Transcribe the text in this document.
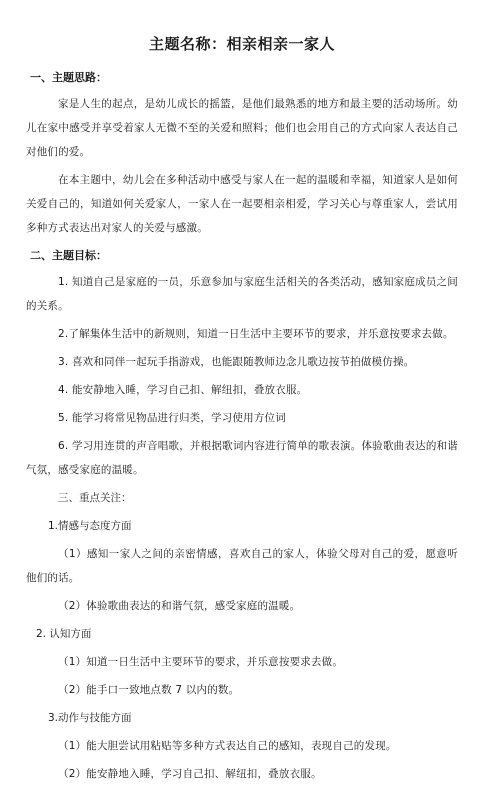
主题名称：相亲相亲一家人
一、主题思路：

家是人生的起点，是幼儿成长的摇篮，是他们最熟悉的地方和最主要的活动场所。幼儿在家中感受并享受着家人无微不至的关爱和照料；他们也会用自己的方式向家人表达自己对他们的爱。

在本主题中，幼儿会在多种活动中感受与家人在一起的温暖和幸福，知道家人是如何关爱自己的，知道如何关爱家人，一家人在一起要相亲相爱，学习关心与尊重家人，尝试用多种方式表达出对家人的关爱与感激。

二、主题目标：

1. 知道自己是家庭的一员，乐意参加与家庭生活相关的各类活动，感知家庭成员之间的关系。

2.了解集体生活中的新规则，知道一日生活中主要环节的要求，并乐意按要求去做。

3. 喜欢和同伴一起玩手指游戏，也能跟随教师边念儿歌边按节拍做模仿操。

4. 能安静地入睡，学习自己扣、解纽扣，叠放衣服。

5. 能学习将常见物品进行归类，学习使用方位词

6. 学习用连贯的声音唱歌，并根据歌词内容进行简单的歌表演。体验歌曲表达的和谐气氛，感受家庭的温暖。

三、重点关注：

1.情感与态度方面

（1）感知一家人之间的亲密情感，喜欢自己的家人，体验父母对自己的爱，愿意听他们的话。

（2）体验歌曲表达的和谐气氛，感受家庭的温暖。

2. 认知方面

（1）知道一日生活中主要环节的要求，并乐意按要求去做。

（2）能手口一致地点数 7 以内的数。

3.动作与技能方面

（1）能大胆尝试用粘贴等多种方式表达自己的感知，表现自己的发现。

（2）能安静地入睡，学习自己扣、解纽扣，叠放衣服。
